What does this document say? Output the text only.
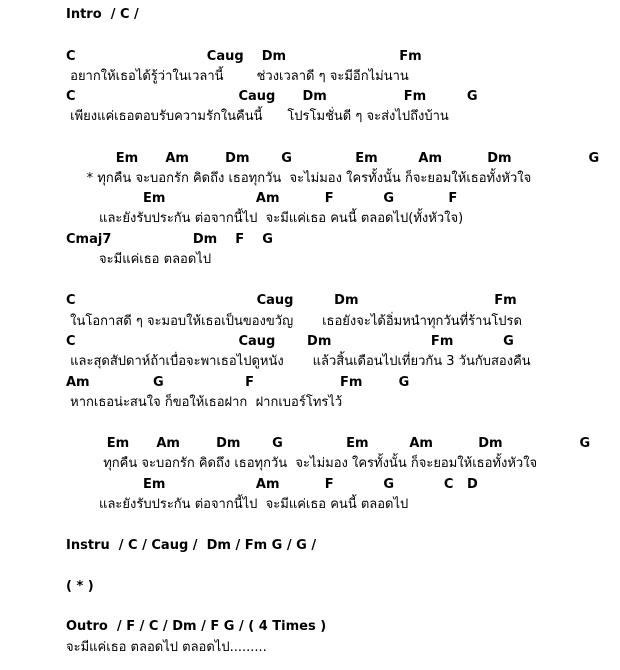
Intro  / C /

C                             Caug    Dm                         Fm

อยากให้เธอได้รู้ว่าในเวลานี้        ช่วงเวลาดี ๆ จะมีอีกไม่นาน

C                                    Caug      Dm                 Fm         G

เพียงแค่เธอตอบรับความรักในคืนนี้      โปรโมชั่นดี ๆ จะส่งไปถึงบ้าน

Em      Am        Dm       G              Em         Am          Dm                 G

* ทุกคืน จะบอกรัก คิดถึง เธอทุกวัน  จะไม่มอง ใครทั้งนั้น ก็จะยอมให้เธอทั้งหัวใจ

Em                    Am          F           G            F

และยังรับประกัน ต่อจากนี้ไป  จะมีแค่เธอ คนนี้ ตลอดไป(ทั้งหัวใจ)

Cmaj7                  Dm    F    G

จะมีแค่เธอ ตลอดไป

C                                        Caug         Dm                              Fm

ในโอกาสดี ๆ จะมอบให้เธอเป็นของขวัญ       เธอยังจะได้อิ่มหนำทุกวันที่ร้านโปรด

C                                    Caug       Dm                      Fm           G

และสุดสัปดาห์ถ้าเบื่อจะพาเธอไปดูหนัง       แล้วสิ้นเดือนไปเที่ยวกัน 3 วันกับสองคืน

Am              G                  F                   Fm        G

หากเธอน่ะสนใจ ก็ขอให้เธอฝาก  ฝากเบอร์โทรไว้

Em      Am        Dm       G              Em         Am          Dm                 G

ทุกคืน จะบอกรัก คิดถึง เธอทุกวัน  จะไม่มอง ใครทั้งนั้น ก็จะยอมให้เธอทั้งหัวใจ

Em                    Am          F           G           C   D

และยังรับประกัน ต่อจากนี้ไป  จะมีแค่เธอ คนนี้ ตลอดไป

Instru  / C / Caug /  Dm / Fm G / G /

( * )

Outro  / F / C / Dm / F G / ( 4 Times )

จะมีแค่เธอ ตลอดไป ตลอดไป.........
